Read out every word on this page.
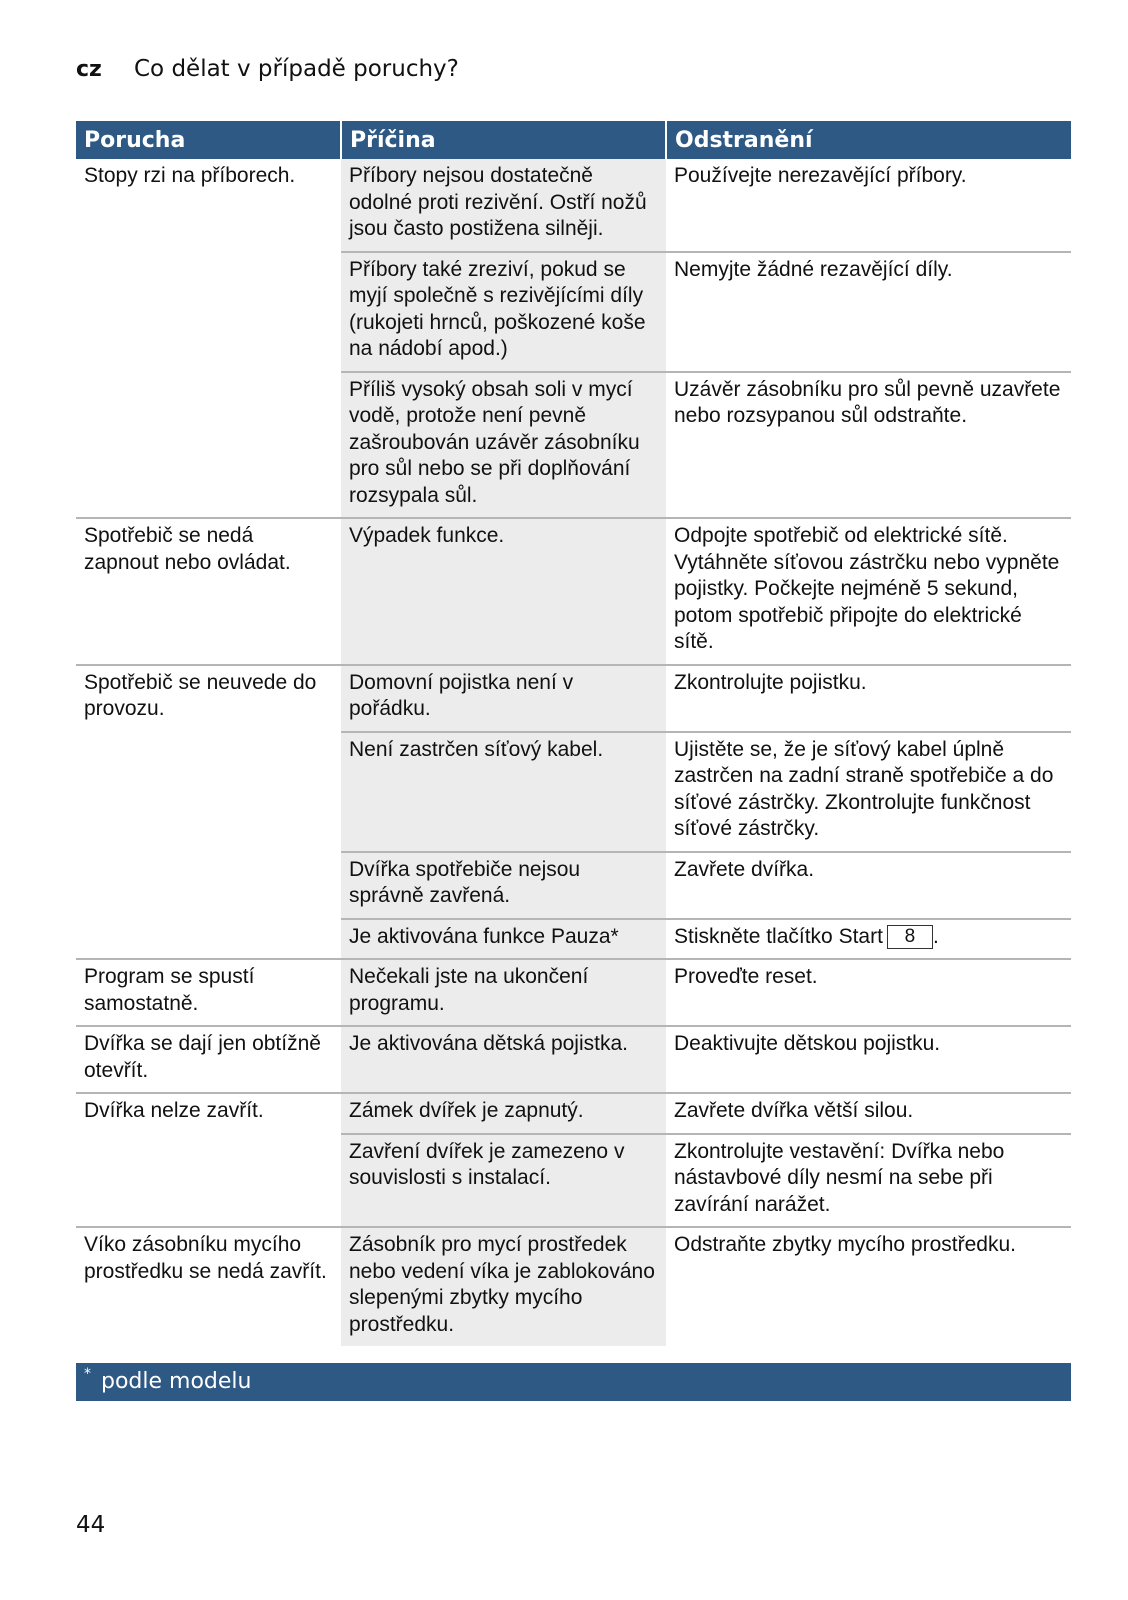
cz	Co dělat v případě poruchy?
Porucha	Příčina	Odstranění
Stopy rzi na příborech.	Příbory nejsou dostatečně odolné proti rezivění. Ostří nožů jsou často postižena silněji.	Používejte nerezavějící příbory.
	Příbory také zreziví, pokud se myjí společně s rezivějícími díly (rukojeti hrnců, poškozené koše na nádobí apod.)	Nemyjte žádné rezavějící díly.
	Příliš vysoký obsah soli v mycí vodě, protože není pevně zašroubován uzávěr zásobníku pro sůl nebo se při doplňování rozsypala sůl.	Uzávěr zásobníku pro sůl pevně uzavřete nebo rozsypanou sůl odstraňte.
Spotřebič se nedá zapnout nebo ovládat.	Výpadek funkce.	Odpojte spotřebič od elektrické sítě. Vytáhněte síťovou zástrčku nebo vypněte pojistky. Počkejte nejméně 5 sekund, potom spotřebič připojte do elektrické sítě.
Spotřebič se neuvede do provozu.	Domovní pojistka není v pořádku.	Zkontrolujte pojistku.
	Není zastrčen síťový kabel.	Ujistěte se, že je síťový kabel úplně zastrčen na zadní straně spotřebiče a do síťové zástrčky. Zkontrolujte funkčnost síťové zástrčky.
	Dvířka spotřebiče nejsou správně zavřená.	Zavřete dvířka.
	Je aktivována funkce Pauza*	Stiskněte tlačítko Start 8 .
Program se spustí samostatně.	Nečekali jste na ukončení programu.	Proveďte reset.
Dvířka se dají jen obtížně otevřít.	Je aktivována dětská pojistka.	Deaktivujte dětskou pojistku.
Dvířka nelze zavřít.	Zámek dvířek je zapnutý.	Zavřete dvířka větší silou.
	Zavření dvířek je zamezeno v souvislosti s instalací.	Zkontrolujte vestavění: Dvířka nebo nástavbové díly nesmí na sebe při zavírání narážet.
Víko zásobníku mycího prostředku se nedá zavřít.	Zásobník pro mycí prostředek nebo vedení víka je zablokováno slepenými zbytky mycího prostředku.	Odstraňte zbytky mycího prostředku.
* podle modelu
44
